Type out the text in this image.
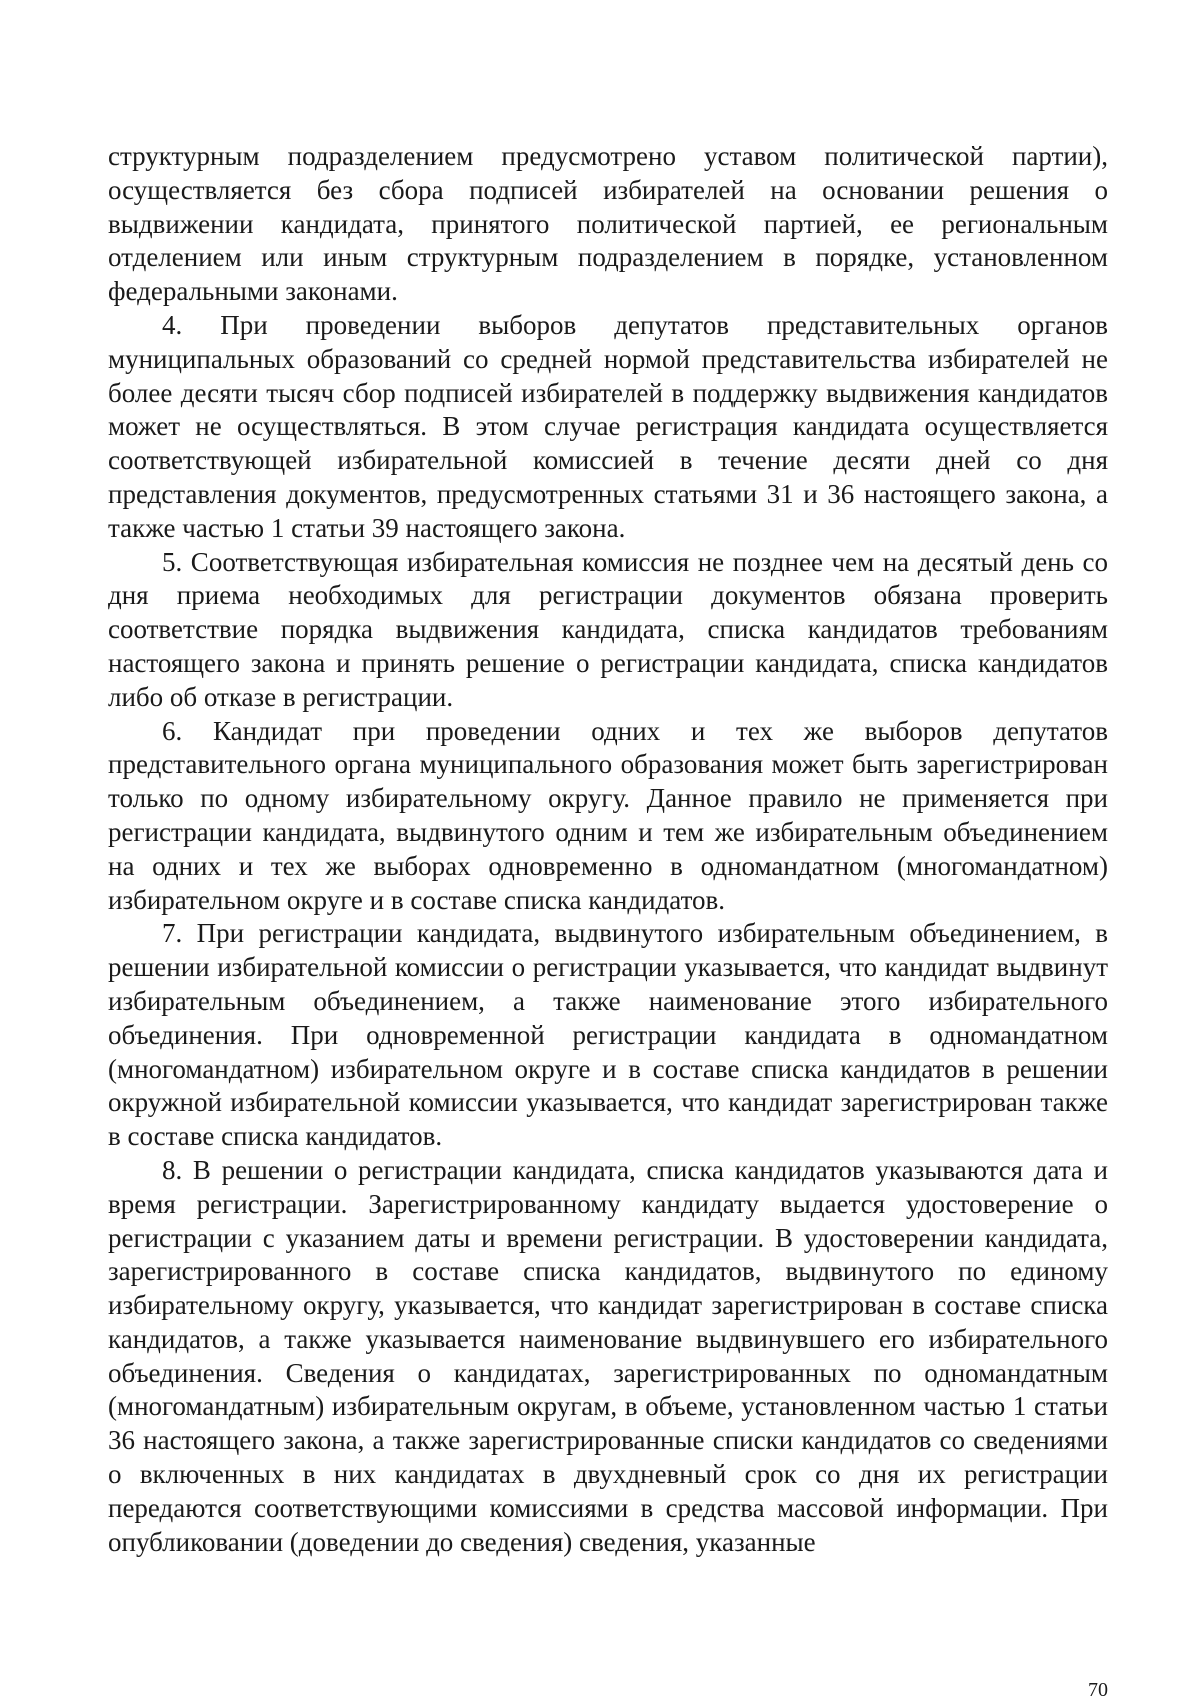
структурным подразделением предусмотрено уставом политической партии), осуществляется без сбора подписей избирателей на основании решения о выдвижении кандидата, принятого политической партией, ее региональным отделением или иным структурным подразделением в порядке, установленном федеральными законами.

4. При проведении выборов депутатов представительных органов муниципальных образований со средней нормой представительства избирателей не более десяти тысяч сбор подписей избирателей в поддержку выдвижения кандидатов может не осуществляться. В этом случае регистрация кандидата осуществляется соответствующей избирательной комиссией в течение десяти дней со дня представления документов, предусмотренных статьями 31 и 36 настоящего закона, а также частью 1 статьи 39 настоящего закона.

5. Соответствующая избирательная комиссия не позднее чем на десятый день со дня приема необходимых для регистрации документов обязана проверить соответствие порядка выдвижения кандидата, списка кандидатов требованиям настоящего закона и принять решение о регистрации кандидата, списка кандидатов либо об отказе в регистрации.

6. Кандидат при проведении одних и тех же выборов депутатов представительного органа муниципального образования может быть зарегистрирован только по одному избирательному округу. Данное правило не применяется при регистрации кандидата, выдвинутого одним и тем же избирательным объединением на одних и тех же выборах одновременно в одномандатном (многомандатном) избирательном округе и в составе списка кандидатов.

7. При регистрации кандидата, выдвинутого избирательным объединением, в решении избирательной комиссии о регистрации указывается, что кандидат выдвинут избирательным объединением, а также наименование этого избирательного объединения. При одновременной регистрации кандидата в одномандатном (многомандатном) избирательном округе и в составе списка кандидатов в решении окружной избирательной комиссии указывается, что кандидат зарегистрирован также в составе списка кандидатов.

8. В решении о регистрации кандидата, списка кандидатов указываются дата и время регистрации. Зарегистрированному кандидату выдается удостоверение о регистрации с указанием даты и времени регистрации. В удостоверении кандидата, зарегистрированного в составе списка кандидатов, выдвинутого по единому избирательному округу, указывается, что кандидат зарегистрирован в составе списка кандидатов, а также указывается наименование выдвинувшего его избирательного объединения. Сведения о кандидатах, зарегистрированных по одномандатным (многомандатным) избирательным округам, в объеме, установленном частью 1 статьи 36 настоящего закона, а также зарегистрированные списки кандидатов со сведениями о включенных в них кандидатах в двухдневный срок со дня их регистрации передаются соответствующими комиссиями в средства массовой информации. При опубликовании (доведении до сведения) сведения, указанные

70
